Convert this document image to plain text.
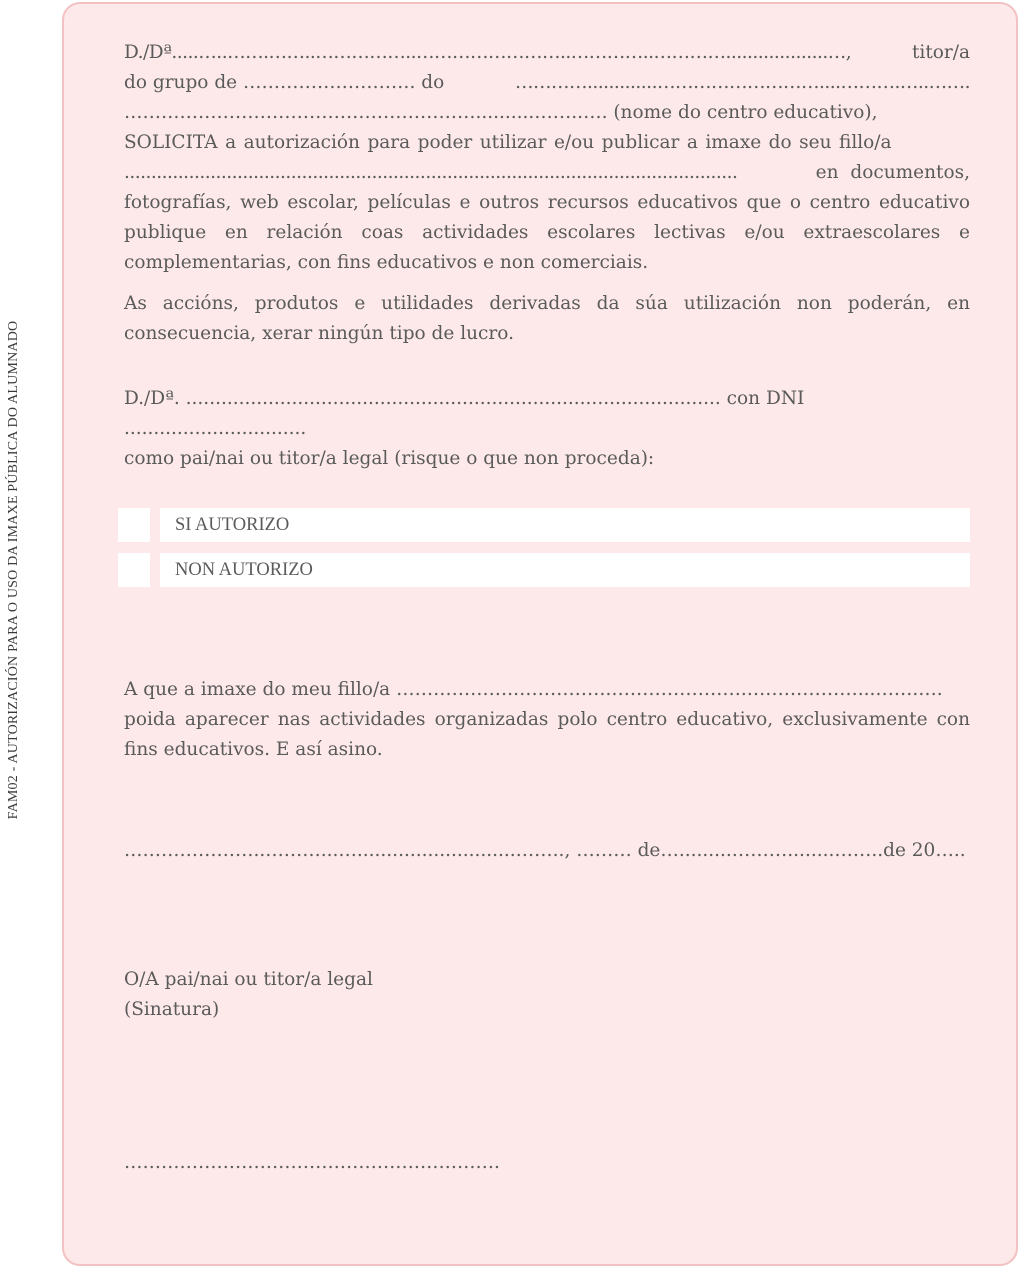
FAM02 - AUTORIZACIÓN PARA O USO DA IMAXE PÚBLICA DO ALUMNADO
D./Dª.....…..…….……..……………..……………………..…………..…………...................…,	titor/a
do grupo de ………………………. do	………….............………………………....……….…..…….
…………………………………………………..........……..…. (nome do centro educativo),
SOLICITA a autorización para poder utilizar e/ou publicar a imaxe do seu fillo/a
..................................................................................................................	en documentos,
fotografías, web escolar, películas e outros recursos educativos que o centro educativo publique en relación coas actividades escolares lectivas e/ou extraescolares e complementarias, con fins educativos e non comerciais.
As accións, produtos e utilidades derivadas da súa utilización non poderán, en consecuencia, xerar ningún tipo de lucro.
D./Dª. ........................................................................................... con DNI ...............................
como pai/nai ou titor/a legal (risque o que non proceda):
SI AUTORIZO
NON AUTORIZO
A que a imaxe do meu fillo/a ……………….…………….………………….………………...…….….
poida aparecer nas actividades organizadas polo centro educativo, exclusivamente con fins educativos. E así asino.
…………………..………...…...........................…….., ……… de….........………........……..de 20…..
O/A pai/nai ou titor/a legal
(Sinatura)
…………………………………………………….
